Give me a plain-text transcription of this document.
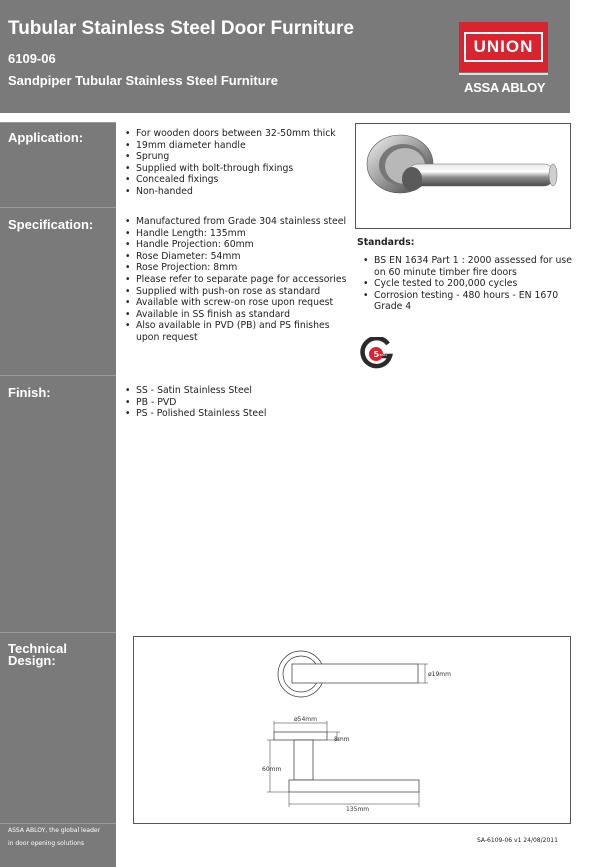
Tubular Stainless Steel Door Furniture
6109-06
Sandpiper Tubular Stainless Steel Furniture
UNION
ASSA ABLOY
Application:
Specification:
Finish:
Technical Design:
ASSA ABLOY, the global leader
in door opening solutions
• For wooden doors between 32-50mm thick
• 19mm diameter handle
• Sprung
• Supplied with bolt-through fixings
• Concealed fixings
• Non-handed
• Manufactured from Grade 304 stainless steel
• Handle Length: 135mm
• Handle Projection: 60mm
• Rose Diameter: 54mm
• Rose Projection: 8mm
• Please refer to separate page for accessories
• Supplied with push-on rose as standard
• Available with screw-on rose upon request
• Available in SS finish as standard
• Also available in PVD (PB) and PS finishes upon request
• SS - Satin Stainless Steel
• PB - PVD
• PS - Polished Stainless Steel
Standards:
• BS EN 1634 Part 1 : 2000 assessed for use on 60 minute timber fire doors
• Cycle tested to 200,000 cycles
• Corrosion testing - 480 hours - EN 1670 Grade 4
5
YEARS
ø19mm
ø54mm
8mm
60mm
135mm
SA-6109-06 v1 24/08/2011
